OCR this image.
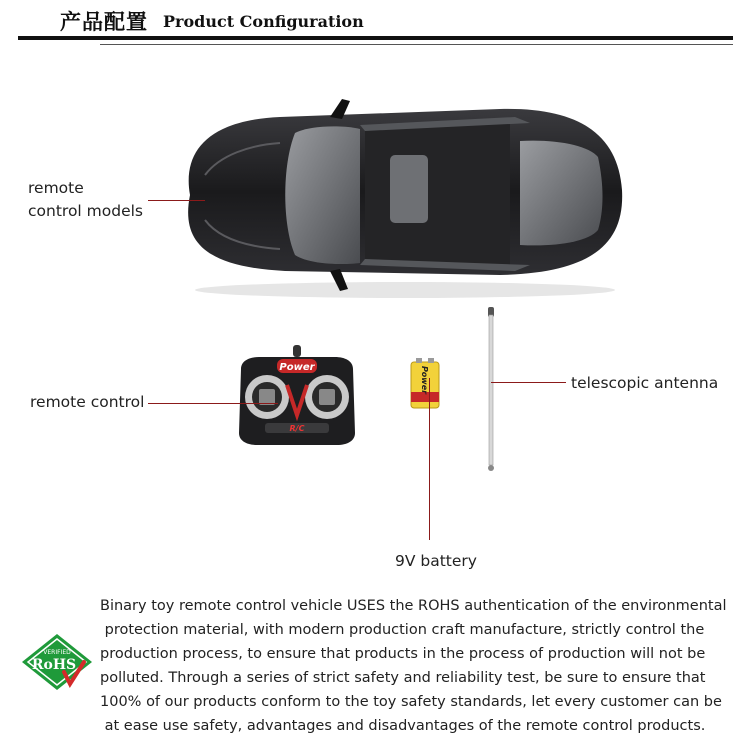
产品配置 Product Configuration
Power
R/C
Power
remote
control models
remote control
9V battery
telescopic antenna
VERIFIED
RoHS
Binary toy remote control vehicle USES the ROHS authentication of the environmental
protection material, with modern production craft manufacture, strictly control the
production process, to ensure that products in the process of production will not be
polluted. Through a series of strict safety and reliability test, be sure to ensure that
100% of our products conform to the toy safety standards, let every customer can be
at ease use safety, advantages and disadvantages of the remote control products.
